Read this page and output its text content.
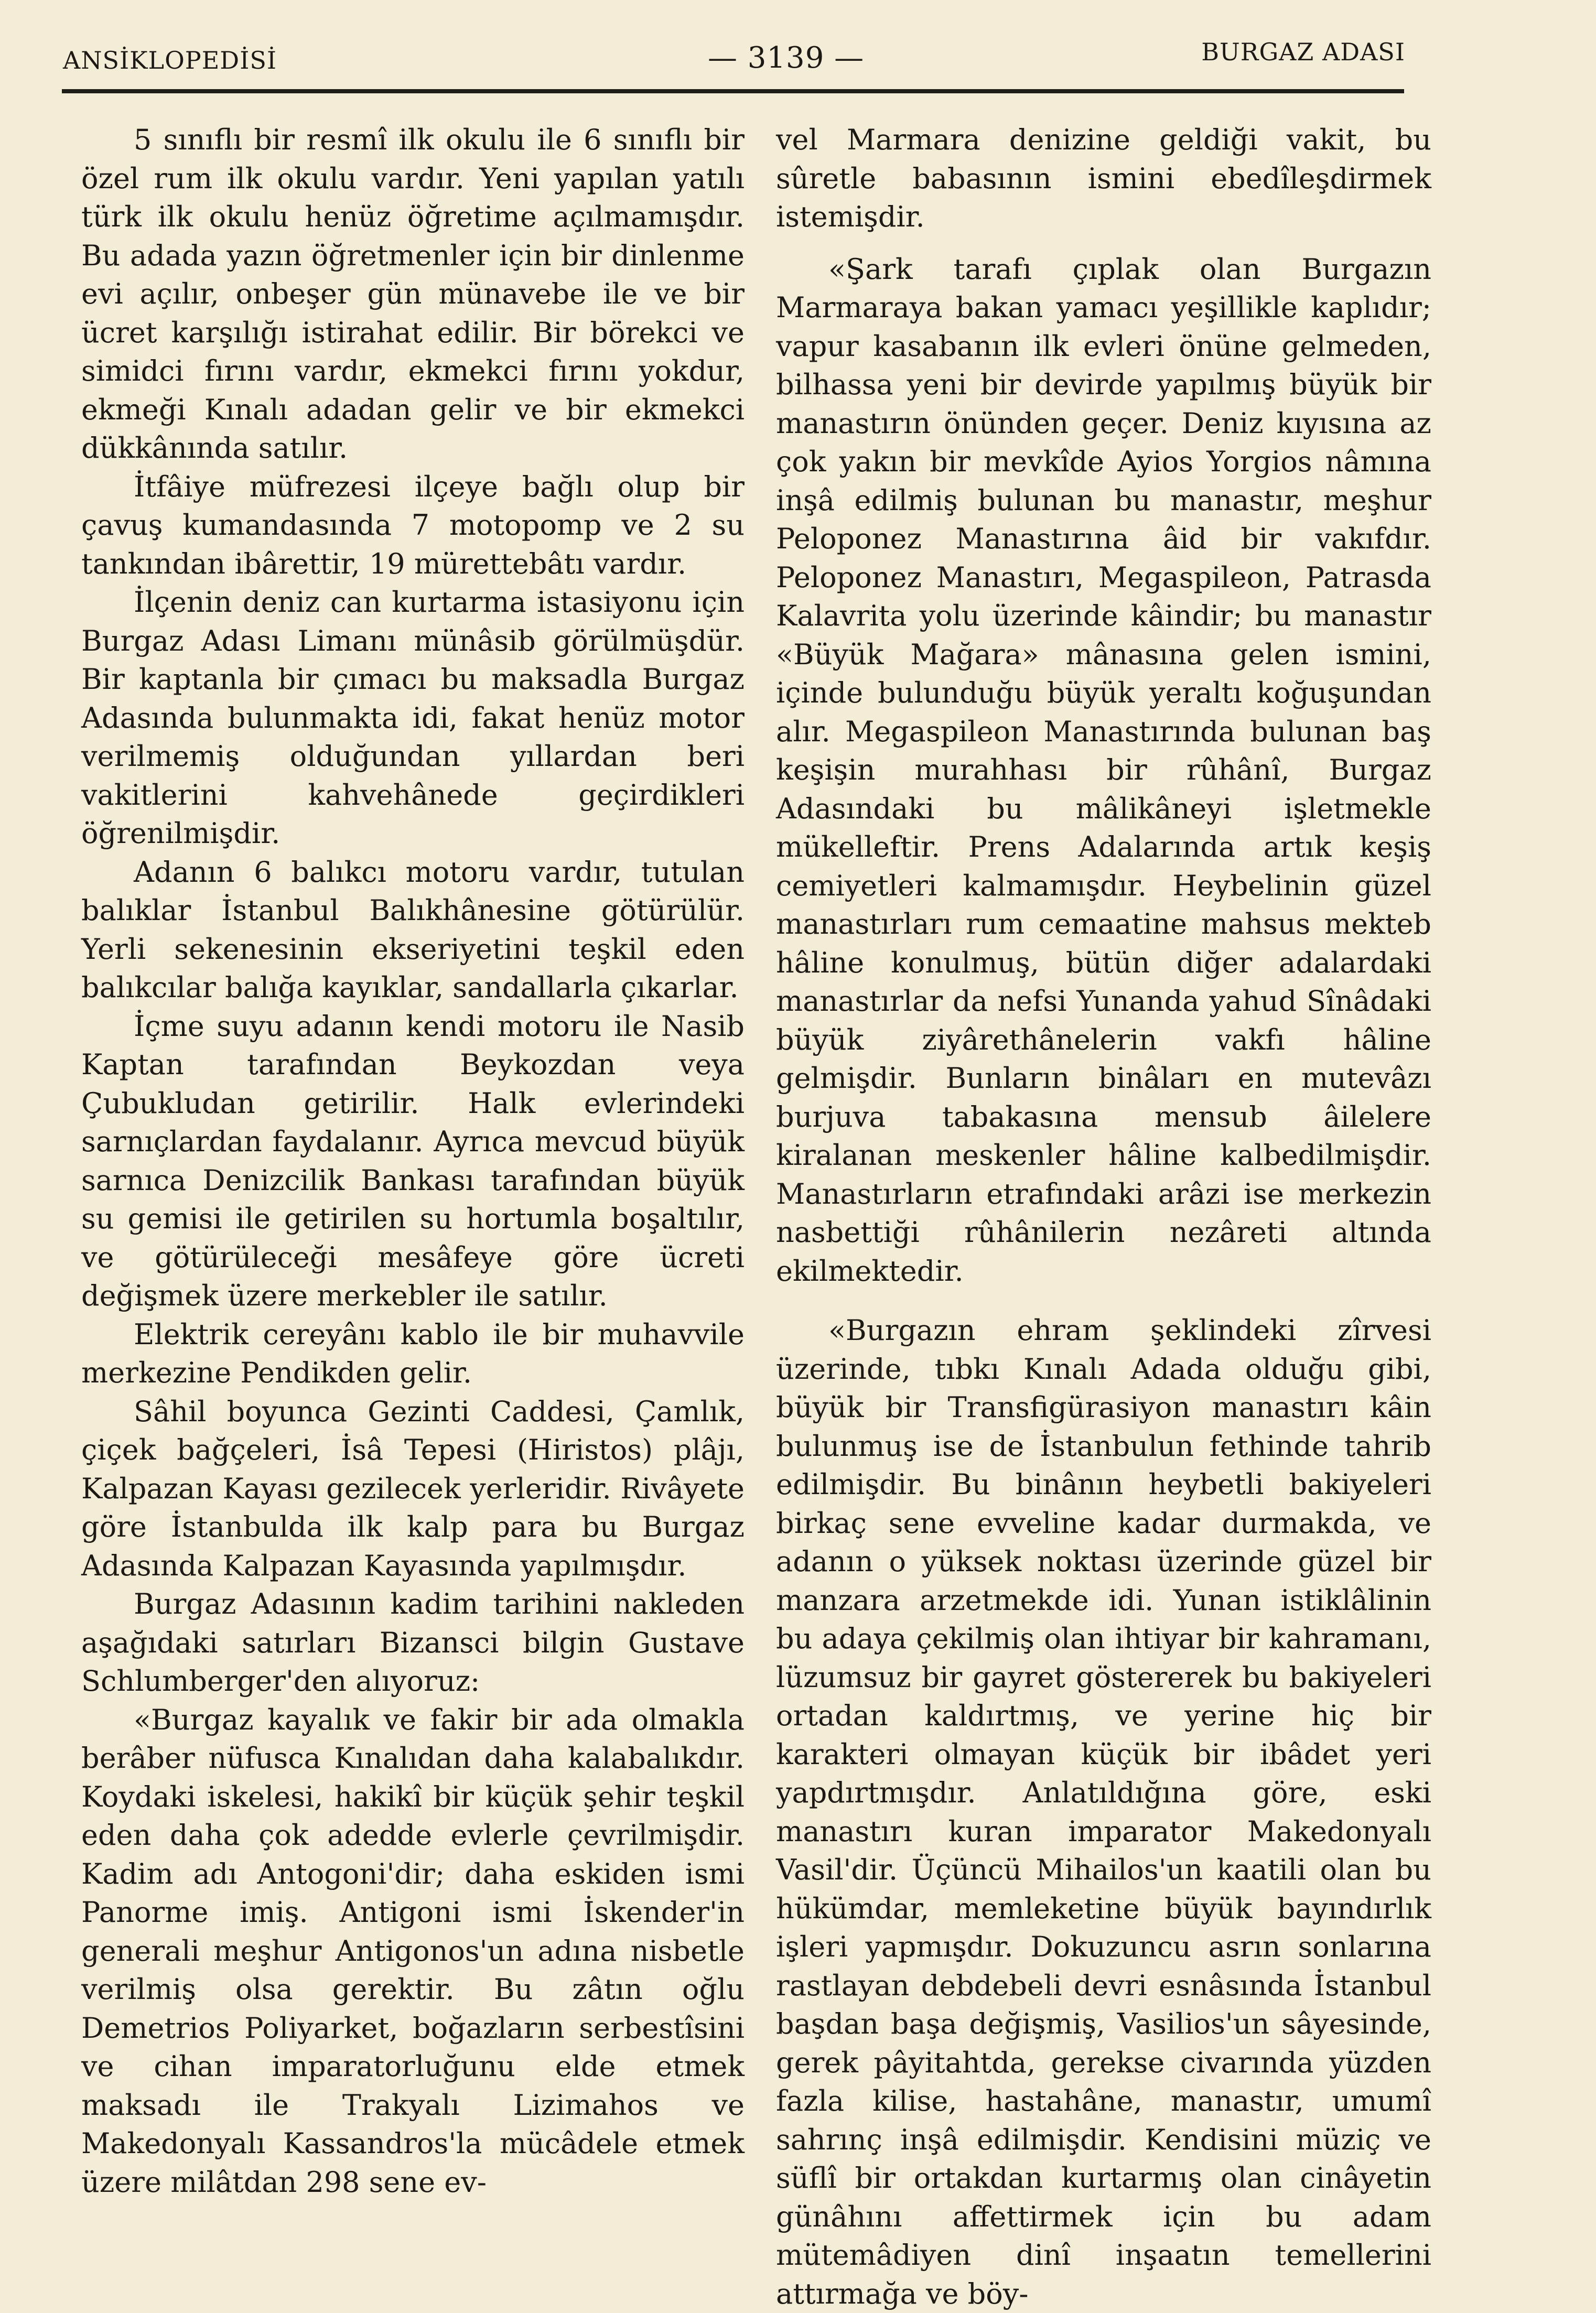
ANSİKLOPEDİSİ	— 3139 —	BURGAZ ADASI

5 sınıflı bir resmî ilk okulu ile 6 sınıflı bir özel rum ilk okulu vardır. Yeni yapılan yatılı türk ilk okulu henüz öğretime açılmamışdır. Bu adada yazın öğretmenler için bir dinlenme evi açılır, onbeşer gün münavebe ile ve bir ücret karşılığı istirahat edilir. Bir börekci ve simidci fırını vardır, ekmekci fırını yokdur, ekmeği Kınalı adadan gelir ve bir ekmekci dükkânında satılır.

İtfâiye müfrezesi ilçeye bağlı olup bir çavuş kumandasında 7 motopomp ve 2 su tankından ibârettir, 19 mürettebâtı vardır.

İlçenin deniz can kurtarma istasiyonu için Burgaz Adası Limanı münâsib görülmüşdür. Bir kaptanla bir çımacı bu maksadla Burgaz Adasında bulunmakta idi, fakat henüz motor verilmemiş olduğundan yıllardan beri vakitlerini kahvehânede geçirdikleri öğrenilmişdir.

Adanın 6 balıkcı motoru vardır, tutulan balıklar İstanbul Balıkhânesine götürülür. Yerli sekenesinin ekseriyetini teşkil eden balıkcılar balığa kayıklar, sandallarla çıkarlar.

İçme suyu adanın kendi motoru ile Nasib Kaptan tarafından Beykozdan veya Çubukludan getirilir. Halk evlerindeki sarnıçlardan faydalanır. Ayrıca mevcud büyük sarnıca Denizcilik Bankası tarafından büyük su gemisi ile getirilen su hortumla boşaltılır, ve götürüleceği mesâfeye göre ücreti değişmek üzere merkebler ile satılır.

Elektrik cereyânı kablo ile bir muhavvile merkezine Pendikden gelir.

Sâhil boyunca Gezinti Caddesi, Çamlık, çiçek bağçeleri, İsâ Tepesi (Hiristos) plâjı, Kalpazan Kayası gezilecek yerleridir. Rivâyete göre İstanbulda ilk kalp para bu Burgaz Adasında Kalpazan Kayasında yapılmışdır.

Burgaz Adasının kadim tarihini nakleden aşağıdaki satırları Bizansci bilgin Gustave Schlumberger'den alıyoruz:

«Burgaz kayalık ve fakir bir ada olmakla berâber nüfusca Kınalıdan daha kalabalıkdır. Koydaki iskelesi, hakikî bir küçük şehir teşkil eden daha çok adedde evlerle çevrilmişdir. Kadim adı Antogoni'dir; daha eskiden ismi Panorme imiş. Antigoni ismi İskender'in generali meşhur Antigonos'un adına nisbetle verilmiş olsa gerektir. Bu zâtın oğlu Demetrios Poliyarket, boğazların serbestîsini ve cihan imparatorluğunu elde etmek maksadı ile Trakyalı Lizimahos ve Makedonyalı Kassandros'la mücâdele etmek üzere milâtdan 298 sene ev-

vel Marmara denizine geldiği vakit, bu sûretle babasının ismini ebedîleşdirmek istemişdir.

«Şark tarafı çıplak olan Burgazın Marmaraya bakan yamacı yeşillikle kaplıdır; vapur kasabanın ilk evleri önüne gelmeden, bilhassa yeni bir devirde yapılmış büyük bir manastırın önünden geçer. Deniz kıyısına az çok yakın bir mevkîde Ayios Yorgios nâmına inşâ edilmiş bulunan bu manastır, meşhur Peloponez Manastırına âid bir vakıfdır. Peloponez Manastırı, Megaspileon, Patrasda Kalavrita yolu üzerinde kâindir; bu manastır «Büyük Mağara» mânasına gelen ismini, içinde bulunduğu büyük yeraltı koğuşundan alır. Megaspileon Manastırında bulunan baş keşişin murahhası bir rûhânî, Burgaz Adasındaki bu mâlikâneyi işletmekle mükelleftir. Prens Adalarında artık keşiş cemiyetleri kalmamışdır. Heybelinin güzel manastırları rum cemaatine mahsus mekteb hâline konulmuş, bütün diğer adalardaki manastırlar da nefsi Yunanda yahud Sînâdaki büyük ziyârethânelerin vakfı hâline gelmişdir. Bunların binâları en mutevâzı burjuva tabakasına mensub âilelere kiralanan meskenler hâline kalbedilmişdir. Manastırların etrafındaki arâzi ise merkezin nasbettiği rûhânilerin nezâreti altında ekilmektedir.

«Burgazın ehram şeklindeki zîrvesi üzerinde, tıbkı Kınalı Adada olduğu gibi, büyük bir Transfigürasiyon manastırı kâin bulunmuş ise de İstanbulun fethinde tahrib edilmişdir. Bu binânın heybetli bakiyeleri birkaç sene evveline kadar durmakda, ve adanın o yüksek noktası üzerinde güzel bir manzara arzetmekde idi. Yunan istiklâlinin bu adaya çekilmiş olan ihtiyar bir kahramanı, lüzumsuz bir gayret göstererek bu bakiyeleri ortadan kaldırtmış, ve yerine hiç bir karakteri olmayan küçük bir ibâdet yeri yapdırtmışdır. Anlatıldığına göre, eski manastırı kuran imparator Makedonyalı Vasil'dir. Üçüncü Mihailos'un kaatili olan bu hükümdar, memleketine büyük bayındırlık işleri yapmışdır. Dokuzuncu asrın sonlarına rastlayan debdebeli devri esnâsında İstanbul başdan başa değişmiş, Vasilios'un sâyesinde, gerek pâyitahtda, gerekse civarında yüzden fazla kilise, hastahâne, manastır, umumî sahrınç inşâ edilmişdir. Kendisini müziç ve süflî bir ortakdan kurtarmış olan cinâyetin günâhını affettirmek için bu adam mütemâdiyen dinî inşaatın temellerini attırmağa ve böy-
